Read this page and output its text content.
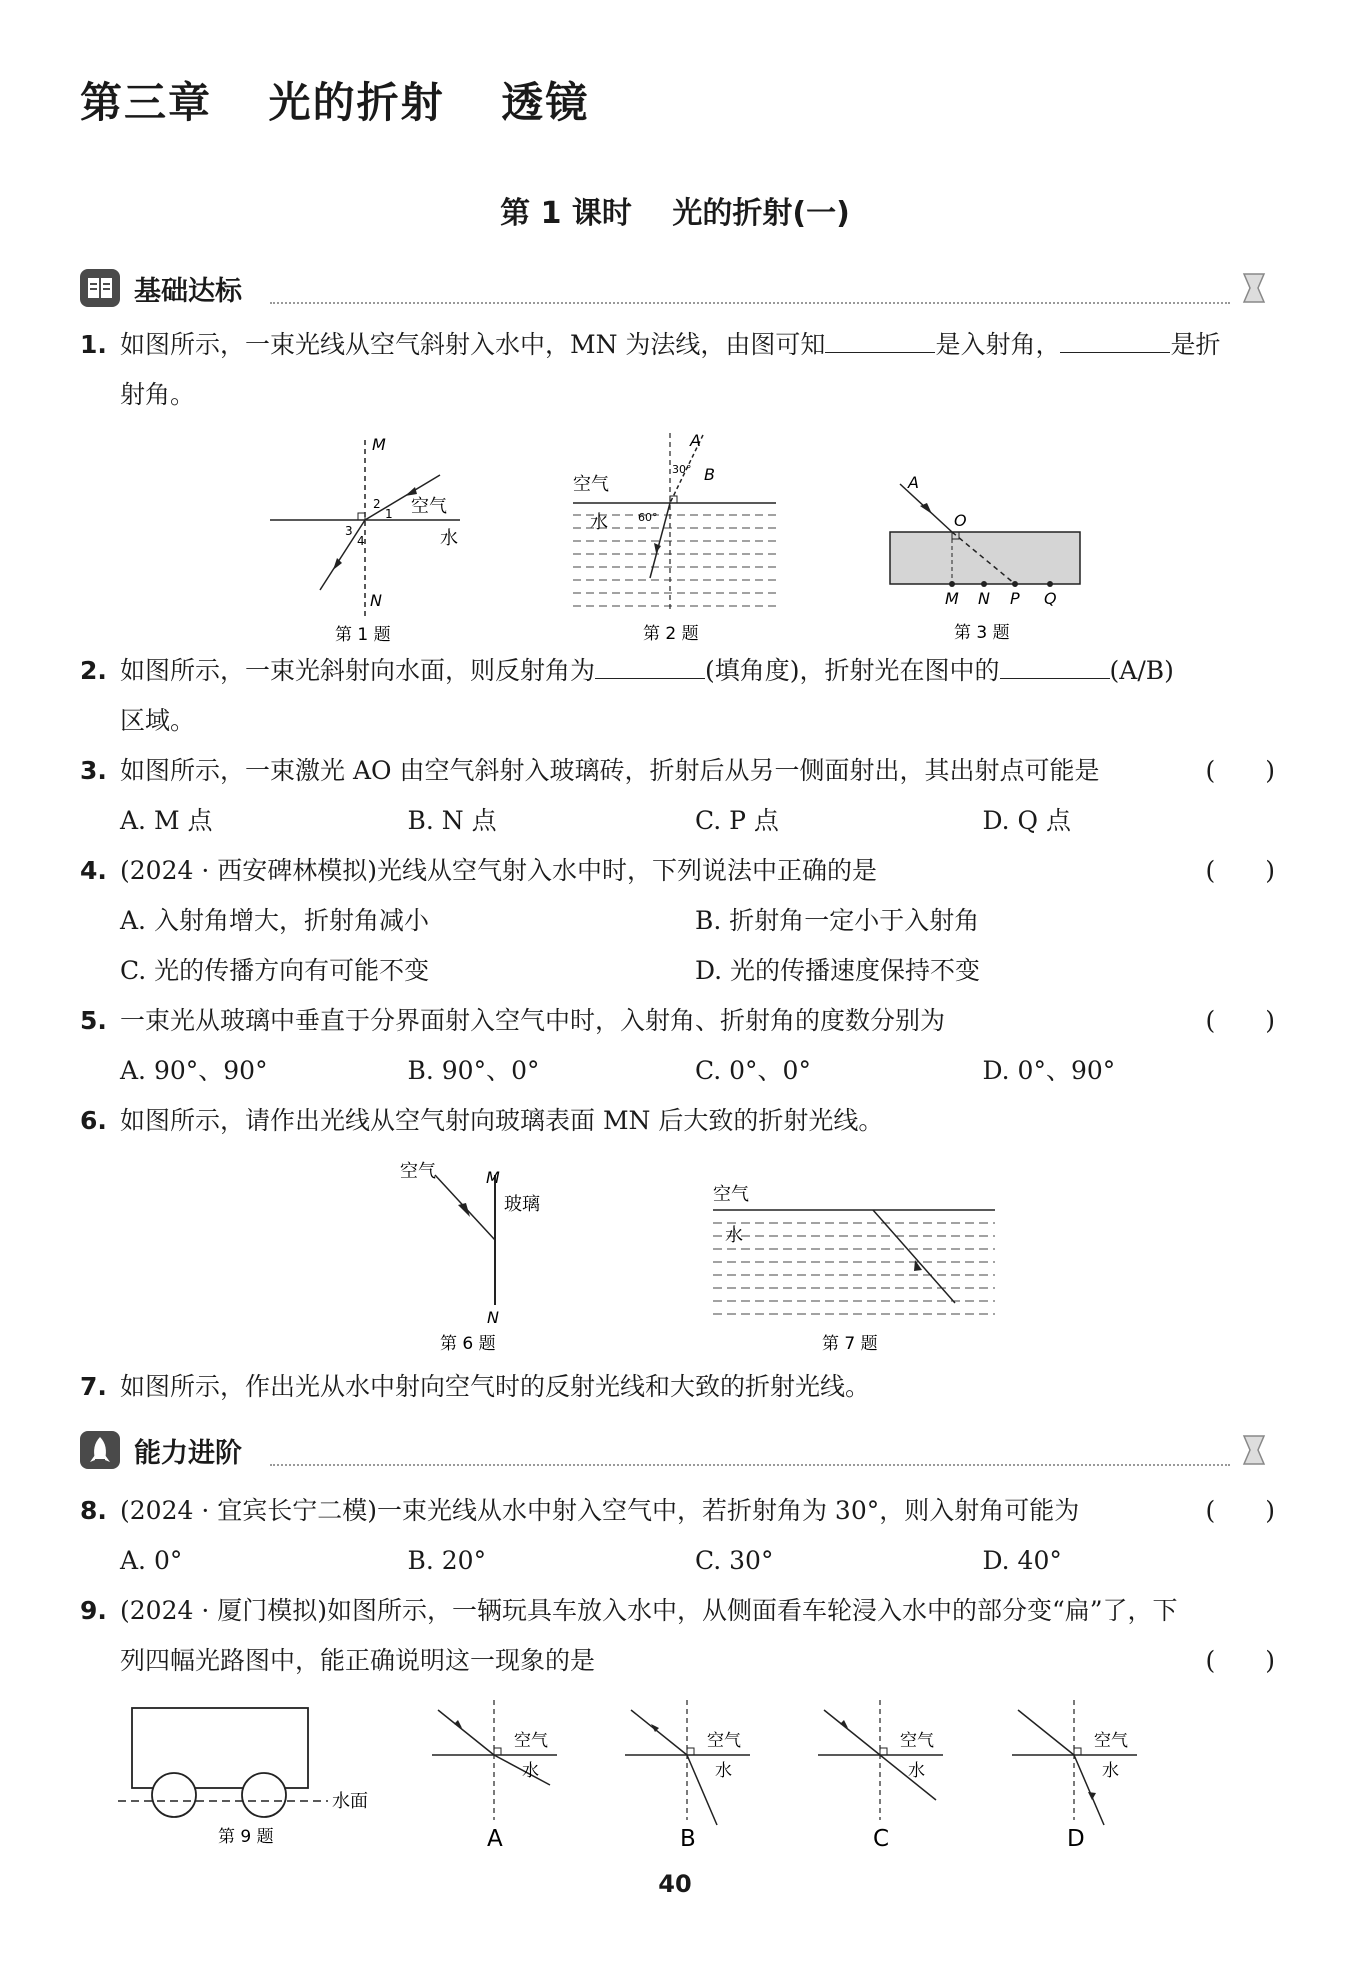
第三章 光的折射 透镜
第 1 课时 光的折射(一)
基础达标
1. 如图所示，一束光线从空气斜射入水中，MN 为法线，由图可知	是入射角，	是折
射角。
M
N
空气
水
2
1
3
4
第 1 题
A
B
30°
60°
空气
水
第 2 题
A
O
M N P Q
第 3 题
2. 如图所示，一束光斜射向水面，则反射角为	(填角度)，折射光在图中的	(A/B)
区域。
3. 如图所示，一束激光 AO 由空气斜射入玻璃砖，折射后从另一侧面射出，其出射点可能是	(　　)
A. M 点	B. N 点	C. P 点	D. Q 点
4. (2024 · 西安碑林模拟)光线从空气射入水中时，下列说法中正确的是	(　　)
A. 入射角增大，折射角减小	B. 折射角一定小于入射角
C. 光的传播方向有可能不变	D. 光的传播速度保持不变
5. 一束光从玻璃中垂直于分界面射入空气中时，入射角、折射角的度数分别为	(　　)
A. 90°、90°	B. 90°、0°	C. 0°、0°	D. 0°、90°
6. 如图所示，请作出光线从空气射向玻璃表面 MN 后大致的折射光线。
空气	M
玻璃
N
第 6 题
空气
水
第 7 题
7. 如图所示，作出光从水中射向空气时的反射光线和大致的折射光线。
能力进阶
8. (2024 · 宜宾长宁二模)一束光线从水中射入空气中，若折射角为 30°，则入射角可能为	(　　)
A. 0°	B. 20°	C. 30°	D. 40°
9. (2024 · 厦门模拟)如图所示，一辆玩具车放入水中，从侧面看车轮浸入水中的部分变“扁”了，下
列四幅光路图中，能正确说明这一现象的是	(　　)
水面
第 9 题
空气
水
A
空气
水
B
空气
水
C
空气
水
D
40
